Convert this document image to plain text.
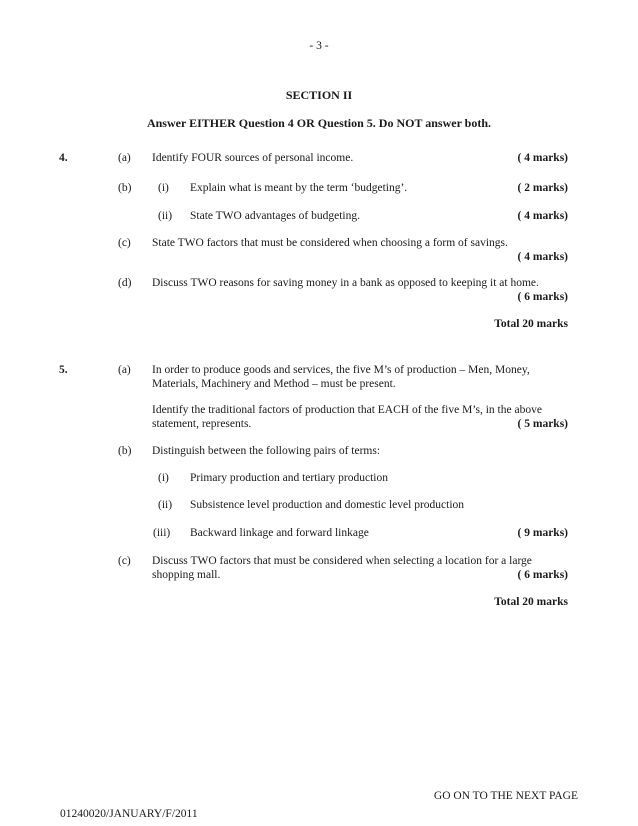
- 3 -
SECTION II
Answer EITHER Question 4 OR Question 5. Do NOT answer both.
4.	(a) Identify FOUR sources of personal income.	( 4 marks)
(b) (i) Explain what is meant by the term ‘budgeting’.	( 2 marks)
(ii) State TWO advantages of budgeting.	( 4 marks)
(c) State TWO factors that must be considered when choosing a form of savings.
( 4 marks)
(d) Discuss TWO reasons for saving money in a bank as opposed to keeping it at home.
( 6 marks)
Total 20 marks
5.	(a) In order to produce goods and services, the five M’s of production – Men, Money,
Materials, Machinery and Method – must be present.
Identify the traditional factors of production that EACH of the five M’s, in the above
statement, represents.	( 5 marks)
(b) Distinguish between the following pairs of terms:
(i) Primary production and tertiary production
(ii) Subsistence level production and domestic level production
(iii) Backward linkage and forward linkage	( 9 marks)
(c) Discuss TWO factors that must be considered when selecting a location for a large
shopping mall.	( 6 marks)
Total 20 marks
GO ON TO THE NEXT PAGE
01240020/JANUARY/F/2011
